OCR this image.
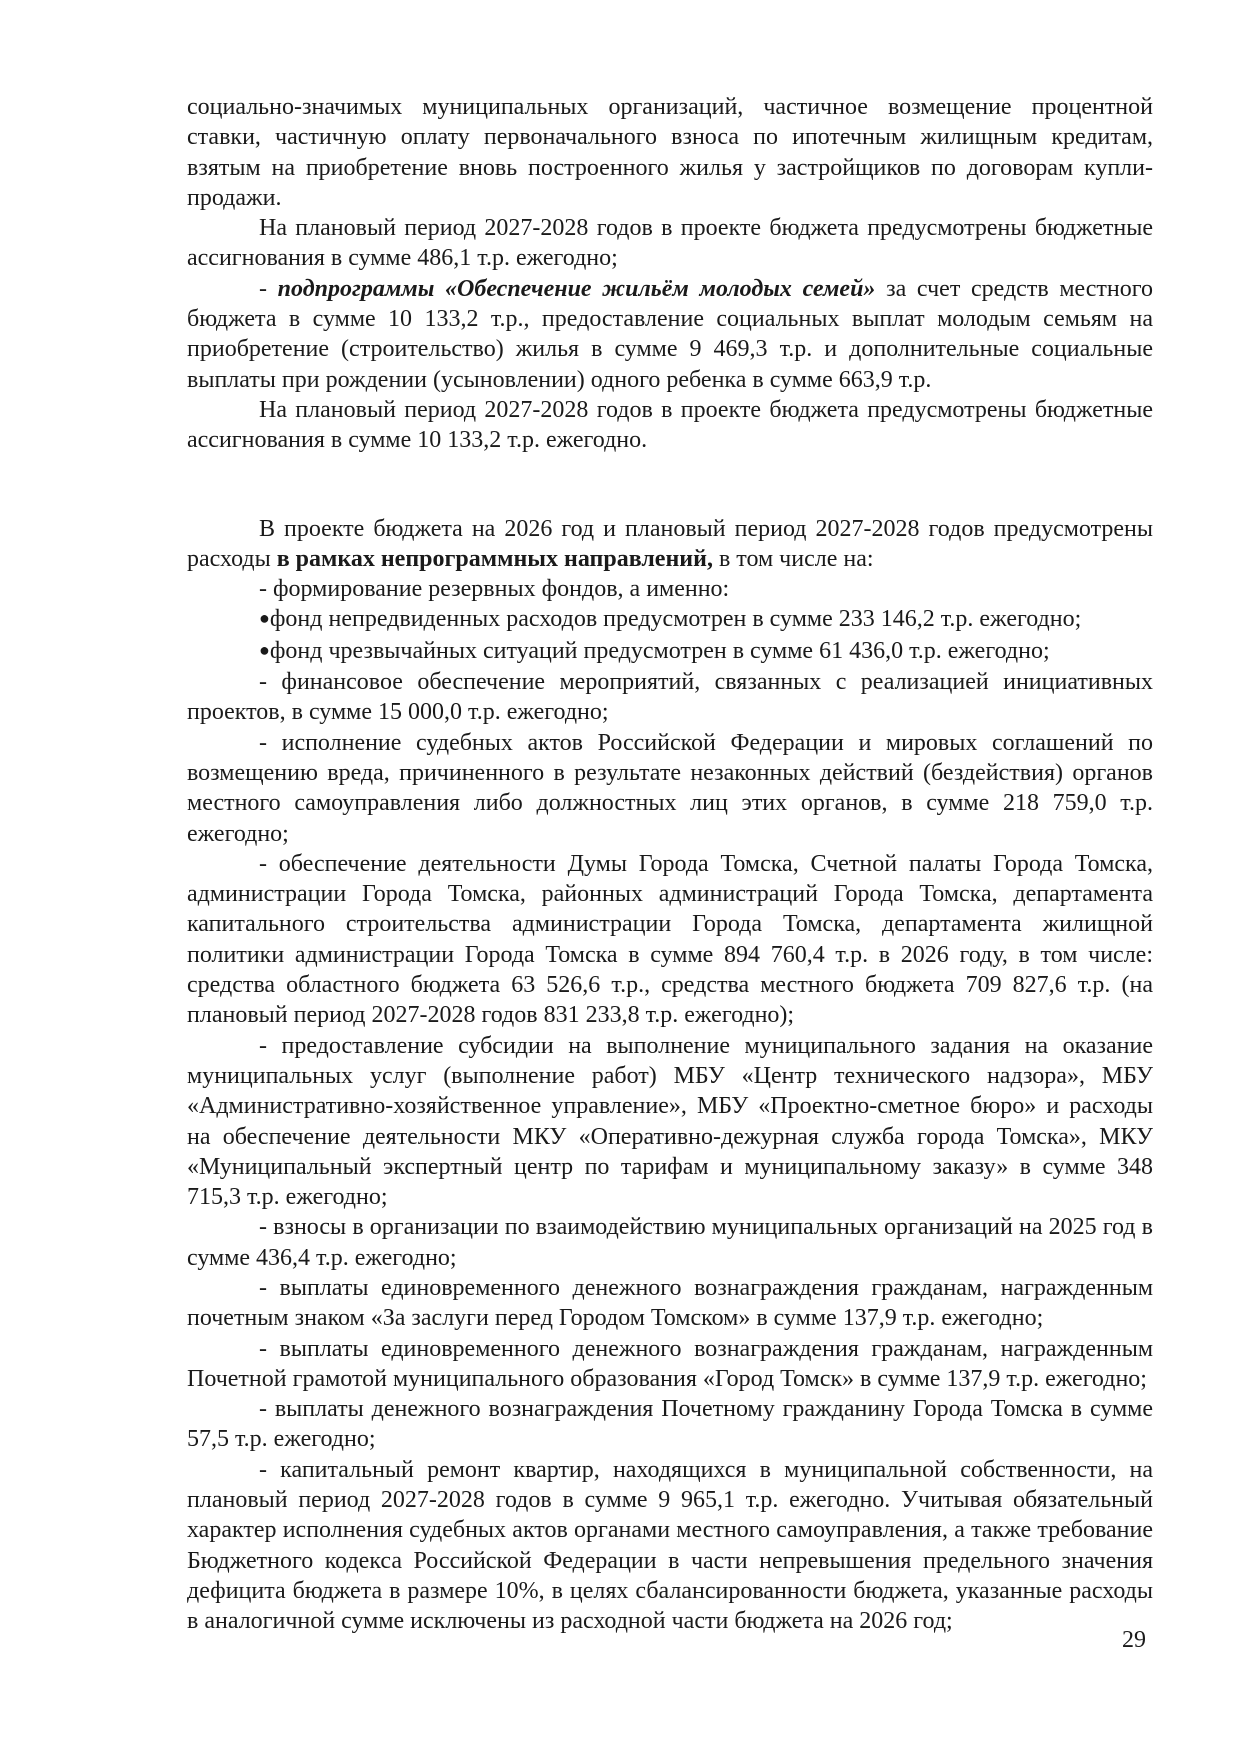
социально-значимых муниципальных организаций, частичное возмещение процентной ставки, частичную оплату первоначального взноса по ипотечным жилищным кредитам, взятым на приобретение вновь построенного жилья у застройщиков по договорам купли-продажи.

На плановый период 2027-2028 годов в проекте бюджета предусмотрены бюджетные ассигнования в сумме 486,1 т.р. ежегодно;

- подпрограммы «Обеспечение жильём молодых семей» за счет средств местного бюджета в сумме 10 133,2 т.р., предоставление социальных выплат молодым семьям на приобретение (строительство) жилья в сумме 9 469,3 т.р. и дополнительные социальные выплаты при рождении (усыновлении) одного ребенка в сумме 663,9 т.р.

На плановый период 2027-2028 годов в проекте бюджета предусмотрены бюджетные ассигнования в сумме 10 133,2 т.р. ежегодно.

В проекте бюджета на 2026 год и плановый период 2027-2028 годов предусмотрены расходы в рамках непрограммных направлений, в том числе на:

- формирование резервных фондов, а именно:

●фонд непредвиденных расходов предусмотрен в сумме 233 146,2 т.р. ежегодно;

●фонд чрезвычайных ситуаций предусмотрен в сумме 61 436,0 т.р. ежегодно;

- финансовое обеспечение мероприятий, связанных с реализацией инициативных проектов, в сумме 15 000,0 т.р. ежегодно;

- исполнение судебных актов Российской Федерации и мировых соглашений по возмещению вреда, причиненного в результате незаконных действий (бездействия) органов местного самоуправления либо должностных лиц этих органов, в сумме 218 759,0 т.р. ежегодно;

- обеспечение деятельности Думы Города Томска, Счетной палаты Города Томска, администрации Города Томска, районных администраций Города Томска, департамента капитального строительства администрации Города Томска, департамента жилищной политики администрации Города Томска в сумме 894 760,4 т.р. в 2026 году, в том числе: средства областного бюджета 63 526,6 т.р., средства местного бюджета 709 827,6 т.р. (на плановый период 2027-2028 годов 831 233,8 т.р. ежегодно);

- предоставление субсидии на выполнение муниципального задания на оказание муниципальных услуг (выполнение работ) МБУ «Центр технического надзора», МБУ «Административно-хозяйственное управление», МБУ «Проектно-сметное бюро» и расходы на обеспечение деятельности МКУ «Оперативно-дежурная служба города Томска», МКУ «Муниципальный экспертный центр по тарифам и муниципальному заказу» в сумме 348 715,3 т.р. ежегодно;

- взносы в организации по взаимодействию муниципальных организаций на 2025 год в сумме 436,4 т.р. ежегодно;

- выплаты единовременного денежного вознаграждения гражданам, награжденным почетным знаком «За заслуги перед Городом Томском» в сумме 137,9 т.р. ежегодно;

- выплаты единовременного денежного вознаграждения гражданам, награжденным Почетной грамотой муниципального образования «Город Томск» в сумме 137,9 т.р. ежегодно;

- выплаты денежного вознаграждения Почетному гражданину Города Томска в сумме 57,5 т.р. ежегодно;

- капитальный ремонт квартир, находящихся в муниципальной собственности, на плановый период 2027-2028 годов в сумме 9 965,1 т.р. ежегодно. Учитывая обязательный характер исполнения судебных актов органами местного самоуправления, а также требование Бюджетного кодекса Российской Федерации в части непревышения предельного значения дефицита бюджета в размере 10%, в целях сбалансированности бюджета, указанные расходы в аналогичной сумме исключены из расходной части бюджета на 2026 год;

29
